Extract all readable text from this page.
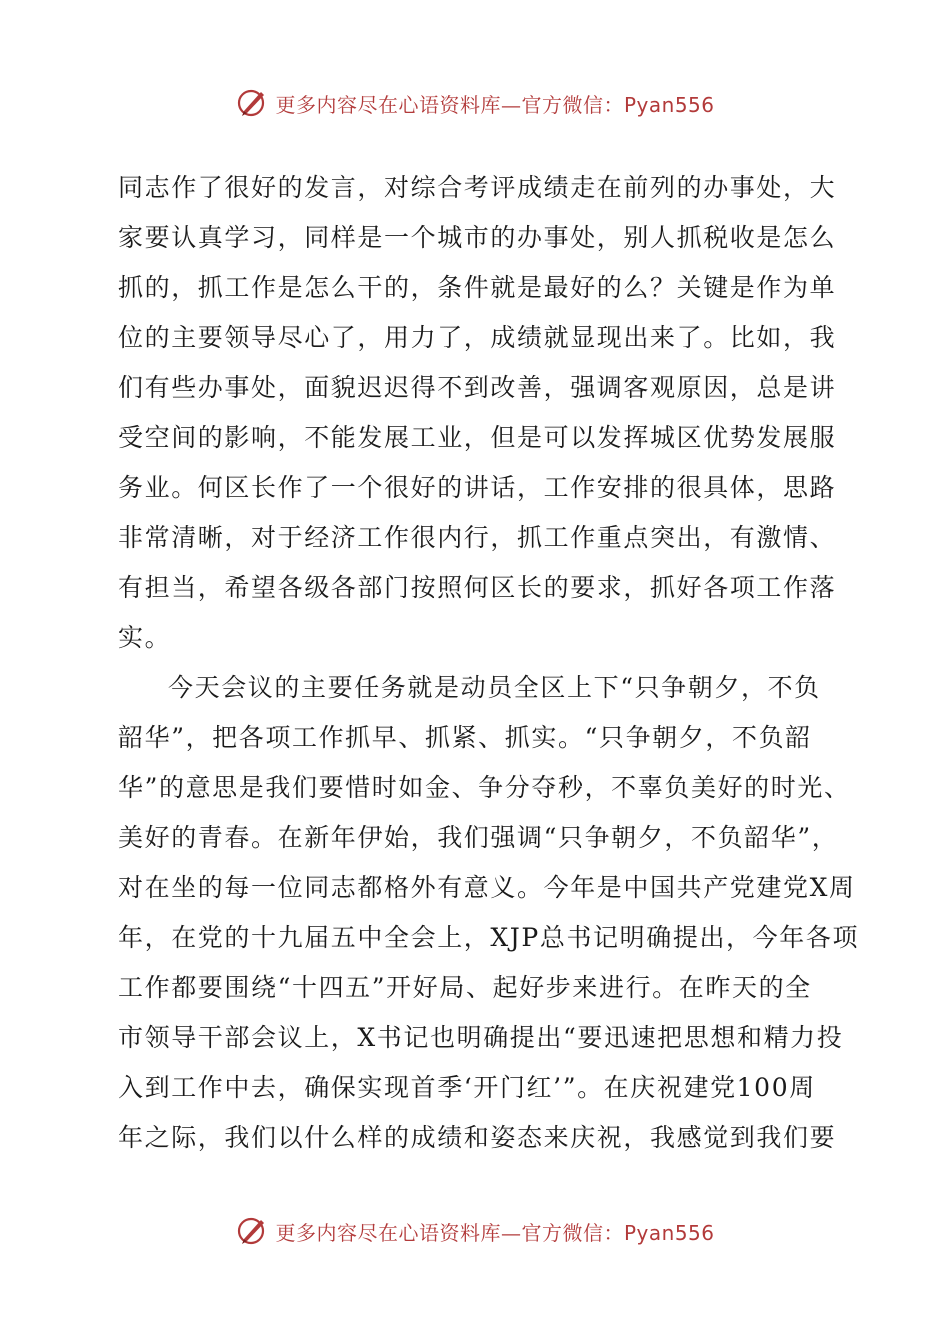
更多内容尽在心语资料库—官方微信：Pyan556
同志作了很好的发言，对综合考评成绩走在前列的办事处，大
家要认真学习，同样是一个城市的办事处，别人抓税收是怎么
抓的，抓工作是怎么干的，条件就是最好的么？关键是作为单
位的主要领导尽心了，用力了，成绩就显现出来了。比如，我
们有些办事处，面貌迟迟得不到改善，强调客观原因，总是讲
受空间的影响，不能发展工业，但是可以发挥城区优势发展服
务业。何区长作了一个很好的讲话，工作安排的很具体，思路
非常清晰，对于经济工作很内行，抓工作重点突出，有激情、
有担当，希望各级各部门按照何区长的要求，抓好各项工作落
实。
今天会议的主要任务就是动员全区上下“只争朝夕，不负
韶华”，把各项工作抓早、抓紧、抓实。“只争朝夕，不负韶
华”的意思是我们要惜时如金、争分夺秒，不辜负美好的时光、
美好的青春。在新年伊始，我们强调“只争朝夕，不负韶华”，
对在坐的每一位同志都格外有意义。今年是中国共产党建党X周
年，在党的十九届五中全会上，XJP总书记明确提出，今年各项
工作都要围绕“十四五”开好局、起好步来进行。在昨天的全
市领导干部会议上，X书记也明确提出“要迅速把思想和精力投
入到工作中去，确保实现首季‘开门红’”。在庆祝建党100周
年之际，我们以什么样的成绩和姿态来庆祝，我感觉到我们要
更多内容尽在心语资料库—官方微信：Pyan556
